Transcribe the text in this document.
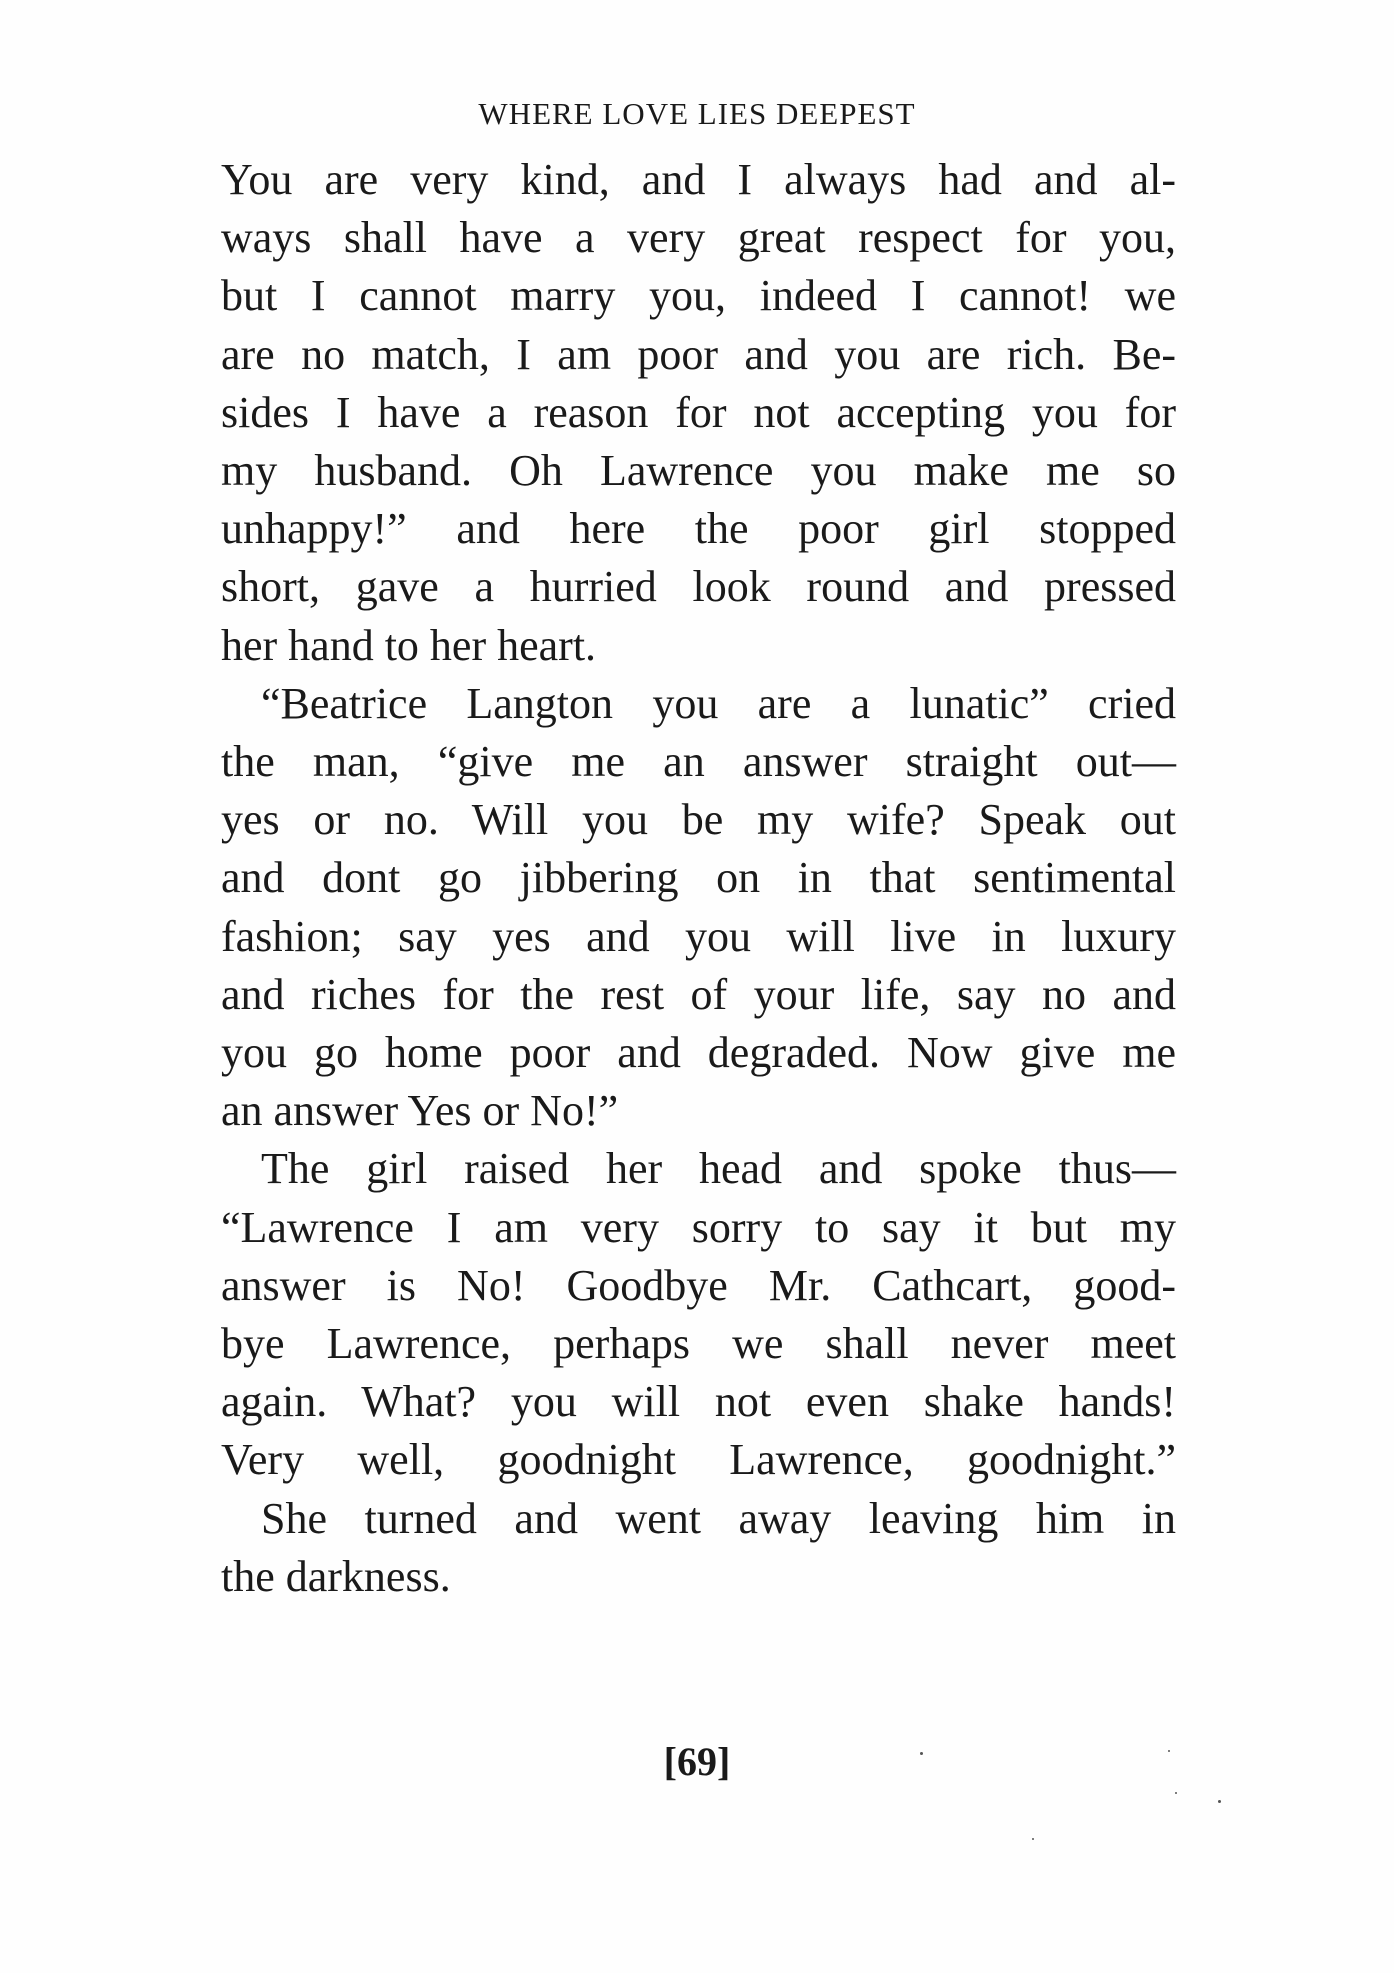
WHERE LOVE LIES DEEPEST

You are very kind, and I always had and al-
ways shall have a very great respect for you,
but I cannot marry you, indeed I cannot! we
are no match, I am poor and you are rich. Be-
sides I have a reason for not accepting you for
my husband. Oh Lawrence you make me so
unhappy!” and here the poor girl stopped
short, gave a hurried look round and pressed
her hand to her heart.

“Beatrice Langton you are a lunatic” cried
the man, “give me an answer straight out—
yes or no. Will you be my wife? Speak out
and dont go jibbering on in that sentimental
fashion; say yes and you will live in luxury
and riches for the rest of your life, say no and
you go home poor and degraded. Now give me
an answer Yes or No!”

The girl raised her head and spoke thus—
“Lawrence I am very sorry to say it but my
answer is No! Goodbye Mr. Cathcart, good-
bye Lawrence, perhaps we shall never meet
again. What? you will not even shake hands!
Very well, goodnight Lawrence, goodnight.”

She turned and went away leaving him in
the darkness.

[69]
